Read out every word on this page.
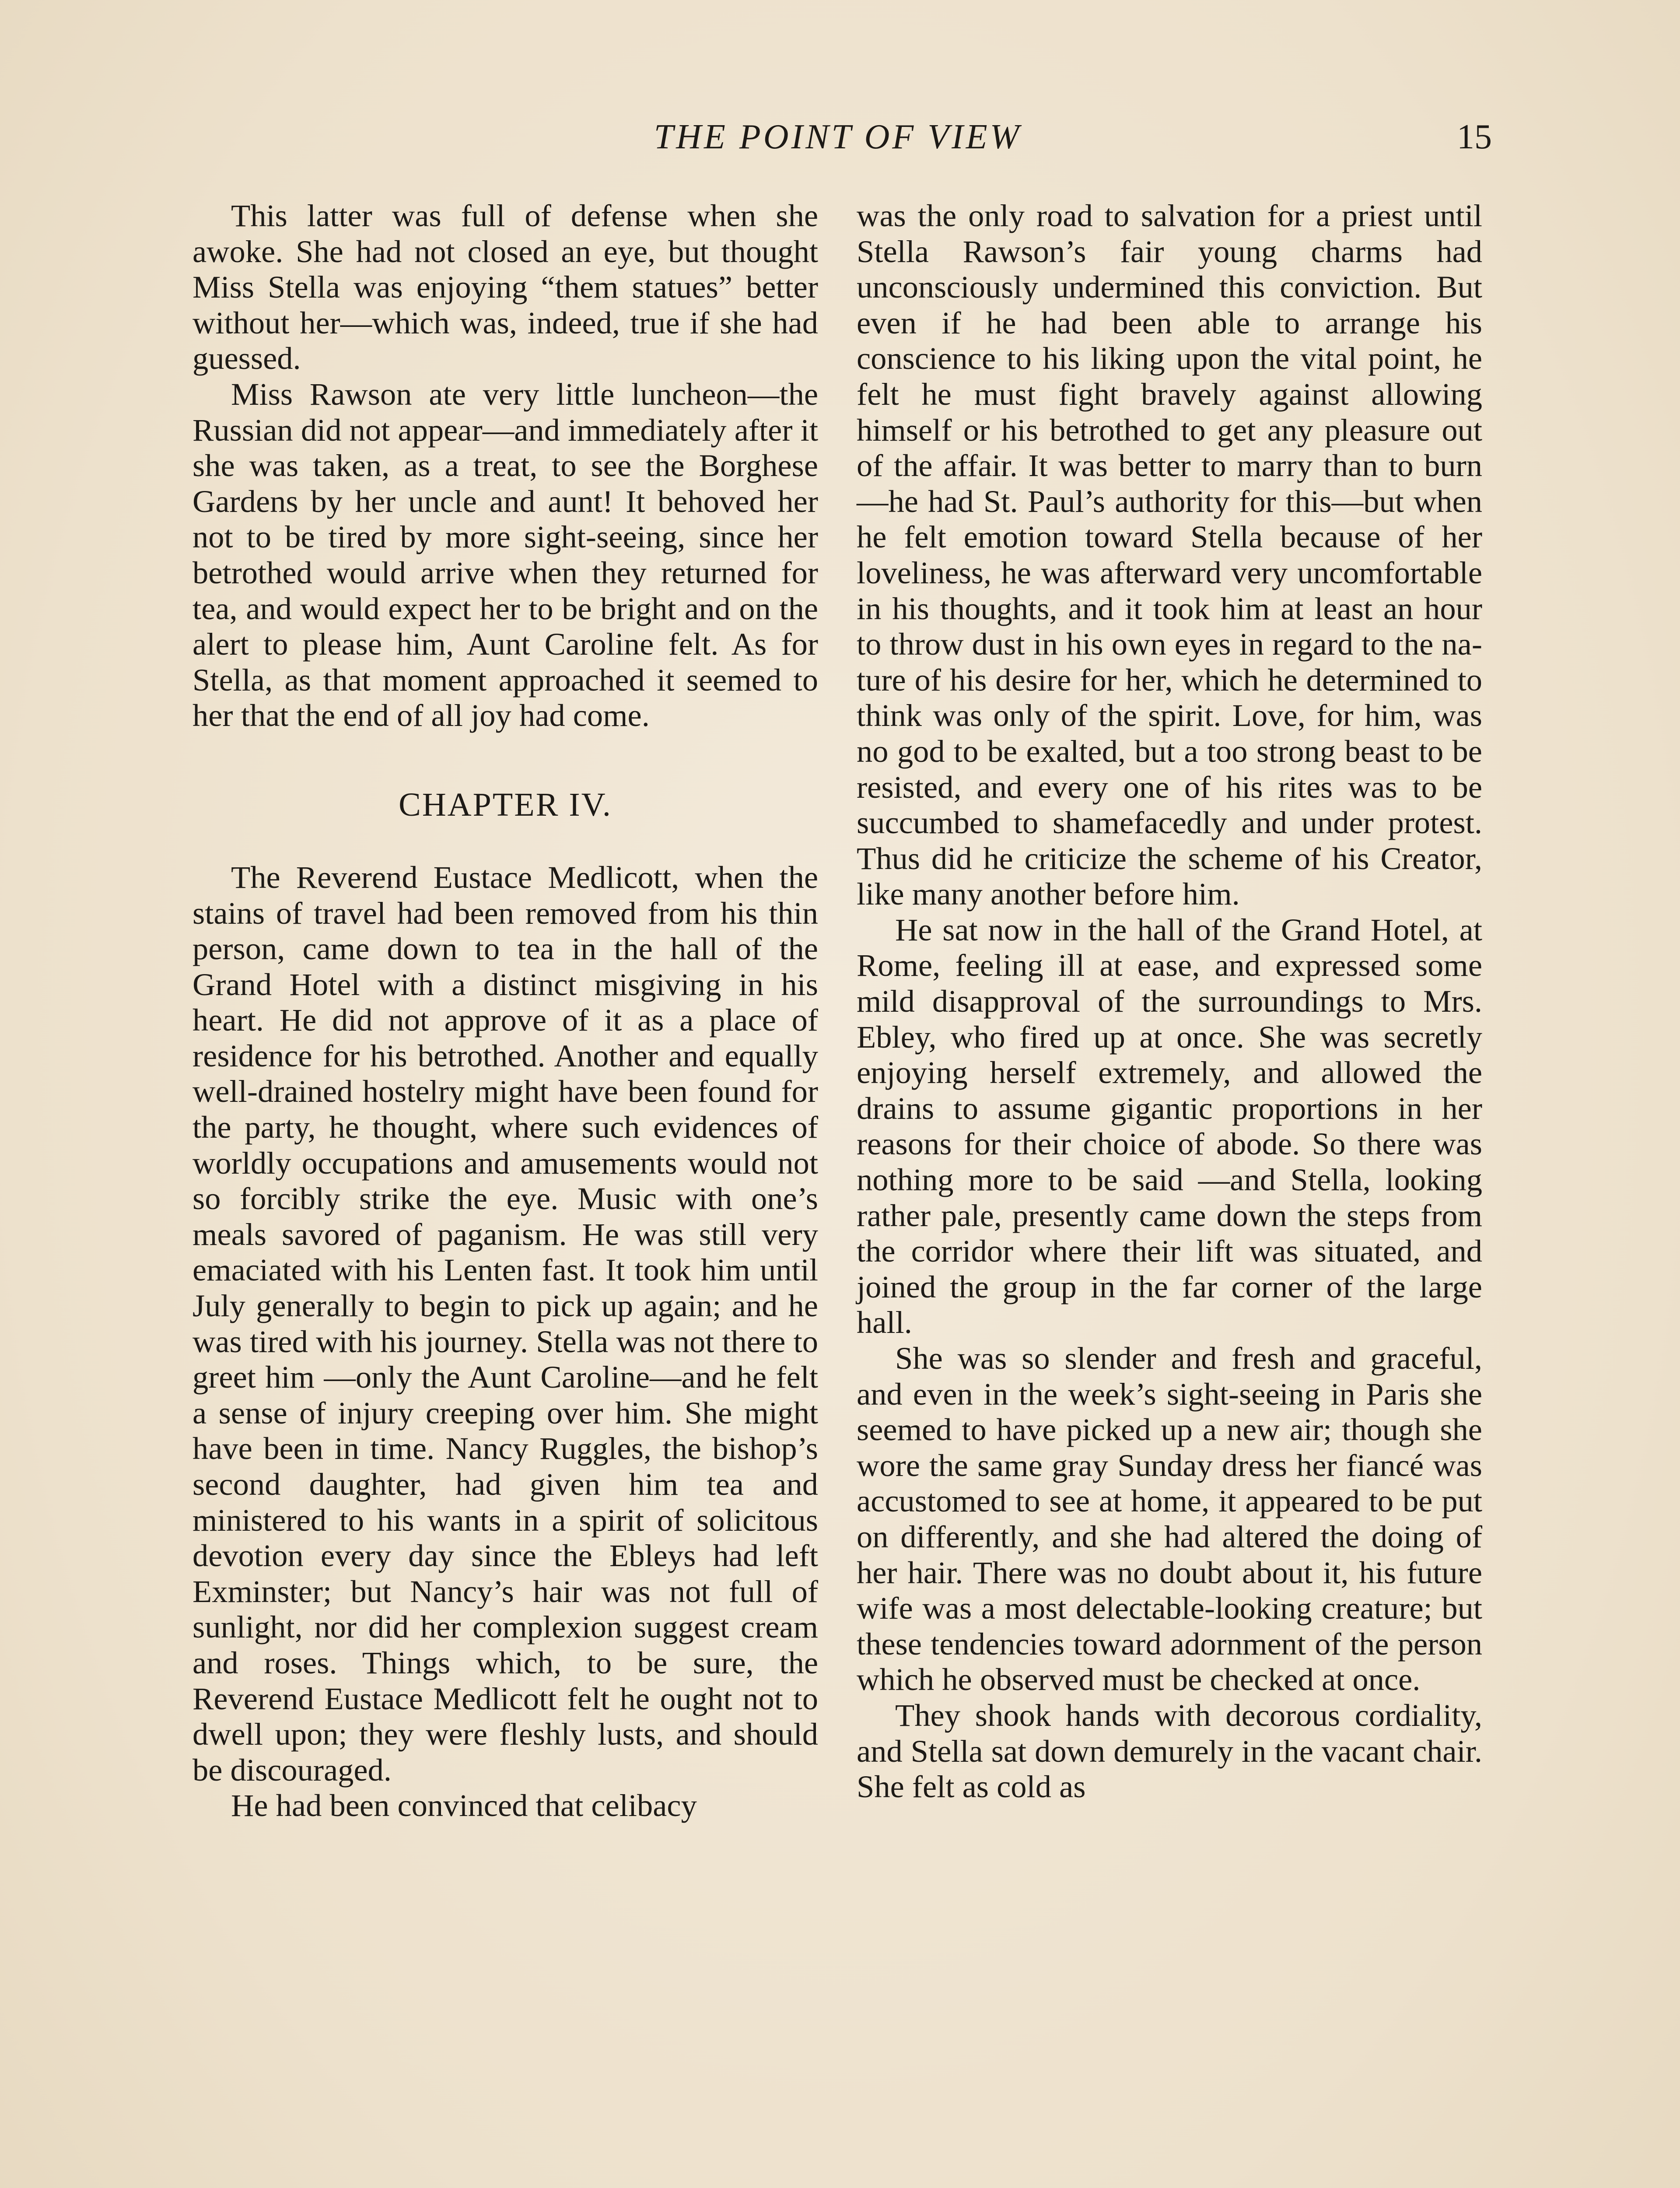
THE POINT OF VIEW	15

This latter was full of defense when she awoke. She had not closed an eye, but thought Miss Stella was enjoying “them statues” better without her—which was, indeed, true if she had guessed.

Miss Rawson ate very little luncheon—the Russian did not appear—and immediately after it she was taken, as a treat, to see the Borghese Gardens by her uncle and aunt! It behoved her not to be tired by more sight-seeing, since her betrothed would arrive when they returned for tea, and would expect her to be bright and on the alert to please him, Aunt Caroline felt. As for Stella, as that moment approached it seemed to her that the end of all joy had come.

CHAPTER IV.

The Reverend Eustace Medlicott, when the stains of travel had been removed from his thin person, came down to tea in the hall of the Grand Hotel with a distinct misgiving in his heart. He did not approve of it as a place of residence for his betrothed. Another and equally well-drained hostelry might have been found for the party, he thought, where such evidences of worldly occupations and amusements would not so forcibly strike the eye. Music with one’s meals savored of paganism. He was still very emaciated with his Lenten fast. It took him until July generally to begin to pick up again; and he was tired with his journey. Stella was not there to greet him —only the Aunt Caroline—and he felt a sense of injury creeping over him. She might have been in time. Nancy Ruggles, the bishop’s second daughter, had given him tea and ministered to his wants in a spirit of solicitous devotion every day since the Ebleys had left Exminster; but Nancy’s hair was not full of sunlight, nor did her complexion suggest cream and roses. Things which, to be sure, the Reverend Eustace Medlicott felt he ought not to dwell upon; they were fleshly lusts, and should be discouraged.

He had been convinced that celibacy

was the only road to salvation for a priest until Stella Rawson’s fair young charms had unconsciously undermined this conviction. But even if he had been able to arrange his conscience to his liking upon the vital point, he felt he must fight bravely against allowing himself or his betrothed to get any pleasure out of the affair. It was better to marry than to burn—he had St. Paul’s authority for this—but when he felt emotion toward Stella because of her loveliness, he was afterward very uncomfortable in his thoughts, and it took him at least an hour to throw dust in his own eyes in regard to the nature of his desire for her, which he determined to think was only of the spirit. Love, for him, was no god to be exalted, but a too strong beast to be resisted, and every one of his rites was to be succumbed to shamefacedly and under protest. Thus did he criticize the scheme of his Creator, like many another before him.

He sat now in the hall of the Grand Hotel, at Rome, feeling ill at ease, and expressed some mild disapproval of the surroundings to Mrs. Ebley, who fired up at once. She was secretly enjoying herself extremely, and allowed the drains to assume gigantic proportions in her reasons for their choice of abode. So there was nothing more to be said —and Stella, looking rather pale, presently came down the steps from the corridor where their lift was situated, and joined the group in the far corner of the large hall.

She was so slender and fresh and graceful, and even in the week’s sight-seeing in Paris she seemed to have picked up a new air; though she wore the same gray Sunday dress her fiancé was accustomed to see at home, it appeared to be put on differently, and she had altered the doing of her hair. There was no doubt about it, his future wife was a most delectable-looking creature; but these tendencies toward adornment of the person which he observed must be checked at once.

They shook hands with decorous cordiality, and Stella sat down demurely in the vacant chair. She felt as cold as
